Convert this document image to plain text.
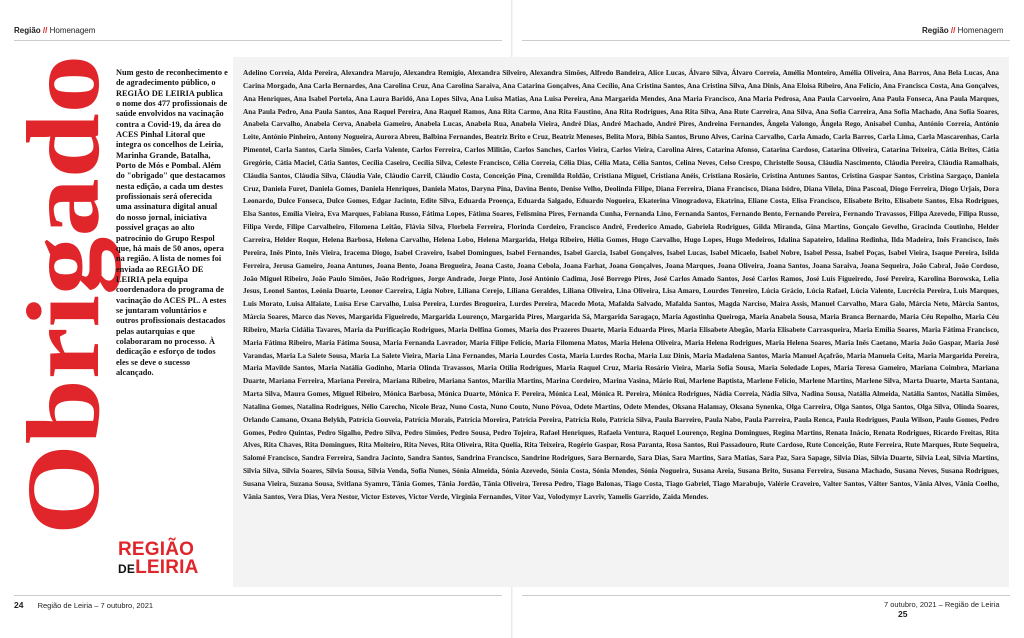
Região // Homenagem	Região // Homenagem
Obrigado
Num gesto de reconhecimento e de agradecimento público, o REGIÃO DE LEIRIA publica o nome dos 477 profissionais de saúde envolvidos na vacinação contra a Covid-19, da área do ACES Pinhal Litoral que integra os concelhos de Leiria, Marinha Grande, Batalha, Porto de Mós e Pombal. Além do "obrigado" que destacamos nesta edição, a cada um destes profissionais será oferecida uma assinatura digital anual do nosso jornal, iniciativa possível graças ao alto patrocínio do Grupo Respol que, há mais de 50 anos, opera na região. A lista de nomes foi enviada ao REGIÃO DE LEIRIA pela equipa coordenadora do programa de vacinação do ACES PL. A estes se juntaram voluntários e outros profissionais destacados pelas autarquias e que colaboraram no processo. À dedicação e esforço de todos eles se deve o sucesso alcançado.
REGIÃO
DELEIRIA
Adelino Correia, Alda Pereira, Alexandra Marujo, Alexandra Remígio, Alexandra Silveiro, Alexandra Simões, Alfredo Bandeira, Alice Lucas, Álvaro Silva, Álvaro Correia, Amélia Monteiro, Amélia Oliveira, Ana Barros, Ana Bela Lucas, Ana Carina Morgado, Ana Carla Bernardes, Ana Carolina Cruz, Ana Carolina Saraiva, Ana Catarina Gonçalves, Ana Cecílio, Ana Cristina Santos, Ana Cristina Silva, Ana Dinis, Ana Eloisa Ribeiro, Ana Felício, Ana Francisca Costa, Ana Gonçalves, Ana Henriques, Ana Isabel Portela, Ana Laura Baridó, Ana Lopes Silva, Ana Luisa Matias, Ana Luisa Pereira, Ana Margarida Mendes, Ana Maria Francisco, Ana Maria Pedrosa, Ana Paula Carvoeiro, Ana Paula Fonseca, Ana Paula Marques, Ana Paula Pedro, Ana Paula Santos, Ana Raquel Pereira, Ana Raquel Ramos, Ana Rita Carmo, Ana Rita Faustino, Ana Rita Rodrigues, Ana Rita Silva, Ana Rute Carreira, Ana Silva, Ana Sofia Carreira, Ana Sofia Machado, Ana Sofia Soares, Anabela Carvalho, Anabela Cerva, Anabela Gameiro, Anabela Lucas, Anabela Rua, Anabela Vieira, André Dias, André Machado, André Pires, Andreina Fernandes, Ângela Valongo, Ângela Rego, Anisabel Cunha, António Correia, António Leite, António Pinheiro, Antony Nogueira, Aurora Abreu, Balbina Fernandes, Beatriz Brito e Cruz, Beatriz Meneses, Belita Mora, Bibia Santos, Bruno Alves, Carina Carvalho, Carla Amado, Carla Barros, Carla Lima, Carla Mascarenhas, Carla Pimentel, Carla Santos, Carla Simões, Carla Valente, Carlos Ferreira, Carlos Militão, Carlos Sanches, Carlos Vieira, Carlos Vieira, Carolina Aires, Catarina Afonso, Catarina Cardoso, Catarina Oliveira, Catarina Teixeira, Cátia Brites, Cátia Gregório, Cátia Maciel, Cátia Santos, Cecília Caseiro, Cecília Silva, Celeste Francisco, Célia Correia, Célia Dias, Célia Mata, Célia Santos, Celina Neves, Celso Crespo, Christelle Sousa, Cláudia Nascimento, Cláudia Pereira, Cláudia Ramalhais, Cláudia Santos, Cláudia Silva, Cláudia Vale, Cláudio Carril, Cláudio Costa, Conceição Pina, Cremilda Roldão, Cristiana Miguel, Cristiana Anéis, Cristiana Rosário, Cristina Antunes Santos, Cristina Gaspar Santos, Cristina Sargaço, Daniela Cruz, Daniela Furet, Daniela Gomes, Daniela Henriques, Daniela Matos, Daryna Pina, Davina Bento, Denise Velho, Deolinda Filipe, Diana Ferreira, Diana Francisco, Diana Isidro, Diana Vilela, Dina Pascoal, Diogo Ferreira, Diogo Urjais, Dora Leonardo, Dulce Fonseca, Dulce Gomes, Edgar Jacinto, Edite Silva, Eduarda Proença, Eduarda Salgado, Eduardo Nogueira, Ekaterina Vinogradova, Ekatrina, Eliane Costa, Elisa Francisco, Elisabete Brito, Elisabete Santos, Elsa Rodrigues, Elsa Santos, Emília Vieira, Eva Marques, Fabiana Russo, Fátima Lopes, Fátima Soares, Felismina Pires, Fernanda Cunha, Fernanda Lino, Fernanda Santos, Fernando Bento, Fernando Pereira, Fernando Travassos, Filipa Azevedo, Filipa Russo, Filipa Verde, Filipe Carvalheiro, Filomena Leitão, Flávia Silva, Florbela Ferreira, Florinda Cordeiro, Francisco André, Frederico Amado, Gabriela Rodrigues, Gilda Miranda, Gina Martins, Gonçalo Gevelho, Gracinda Coutinho, Helder Carreira, Helder Roque, Helena Barbosa, Helena Carvalho, Helena Lobo, Helena Margarida, Helga Ribeiro, Hélia Gomes, Hugo Carvalho, Hugo Lopes, Hugo Medeiros, Idalina Sapateiro, Idalina Redinha, Ilda Madeira, Inês Francisco, Inês Pereira, Inês Pinto, Inês Vieira, Iracema Diogo, Isabel Craveiro, Isabel Domingues, Isabel Fernandes, Isabel Garcia, Isabel Gonçalves, Isabel Lucas, Isabel Micaelo, Isabel Nobre, Isabel Pessa, Isabel Poças, Isabel Vieira, Isaque Pereira, Isilda Ferreira, Jerusa Gameiro, Joana Antunes, Joana Bento, Joana Brogueira, Joana Casto, Joana Cebola, Joana Farhat, Joana Gonçalves, Joana Marques, Joana Oliveira, Joana Santos, Joana Saraiva, Joana Sequeira, João Cabral, João Cordoso, João Miguel Ribeiro, João Paulo Simões, João Rodrigues, Jorge Andrade, Jorge Pinto, José António Cadima, José Borrego Pires, José Carlos Amado Santos, José Carlos Ramos, José Luís Figueiredo, José Pereira, Karolina Borowska, Lelia Jesus, Leonel Santos, Leónia Duarte, Leonor Carreira, Lígia Nobre, Liliana Cerejo, Liliana Geraldes, Liliana Oliveira, Lina Oliveira, Lisa Amaro, Lourdes Tenreiro, Lúcia Grácio, Lúcia Rafael, Lúcia Valente, Lucrécia Pereira, Luis Marques, Luis Morato, Luisa Alfaiate, Luísa Erse Carvalho, Luisa Pereira, Lurdes Brogueira, Lurdes Pereira, Macedo Mota, Mafalda Salvado, Mafalda Santos, Magda Narciso, Maira Assis, Manuel Carvalho, Mara Galo, Márcia Neto, Márcia Santos, Márcia Soares, Marco das Neves, Margarida Figueiredo, Margarida Lourenço, Margarida Pires, Margarida Sá, Margarida Saragaço, Maria Agostinha Queiroga, Maria Anabela Sousa, Maria Branca Bernardo, Maria Céu Repolho, Maria Céu Ribeiro, Maria Cidália Tavares, Maria da Purificação Rodrigues, Maria Delfina Gomes, Maria dos Prazeres Duarte, Maria Eduarda Pires, Maria Elisabete Abegão, Maria Elisabete Carrasqueira, Maria Emília Soares, Maria Fátima Francisco, Maria Fátima Ribeiro, Maria Fátima Sousa, Maria Fernanda Lavrador, Maria Filipe Felicio, Maria Filomena Matos, Maria Helena Oliveira, Maria Helena Rodrigues, Maria Helena Soares, Maria Inês Caetano, Maria João Gaspar, Maria José Varandas, Maria La Salete Sousa, Maria La Salete Vieira, Maria Lina Fernandes, Maria Lourdes Costa, Maria Lurdes Rocha, Maria Luz Dinis, Maria Madalena Santos, Maria Manuel Açafrão, Maria Manuela Ceita, Maria Margarida Pereira, Maria Mavilde Santos, Maria Natália Godinho, Maria Olinda Travassos, Maria Otília Rodrigues, Maria Raquel Cruz, Maria Rosário Vieira, Maria Sofia Sousa, Maria Soledade Lopes, Maria Teresa Gameiro, Mariana Coimbra, Mariana Duarte, Mariana Ferreira, Mariana Pereira, Mariana Ribeiro, Mariana Santos, Marília Martins, Marina Cordeiro, Marina Vasina, Mário Rui, Marlene Baptista, Marlene Felício, Marlene Martins, Marlene Silva, Marta Duarte, Marta Santana, Marta Silva, Maura Gomes, Miguel Ribeiro, Mónica Barbosa, Mónica Duarte, Mónica F. Pereira, Mónica Leal, Mónica R. Pereira, Mónica Rodrigues, Nádia Correia, Nádia Silva, Nadina Sousa, Natália Almeida, Natália Santos, Natália Simões, Natalina Gomes, Natalina Rodrigues, Nélio Carecho, Nicole Braz, Nuno Costa, Nuno Couto, Nuno Póvoa, Odete Martins, Odete Mendes, Oksana Halamay, Oksana Synenka, Olga Carreira, Olga Santos, Olga Santos, Olga Silva, Olinda Soares, Orlando Camano, Oxana Belykh, Patrícia Gouveia, Patrícia Morais, Patrícia Moreira, Patrícia Pereira, Patrícia Rolo, Patrícia Silva, Paula Barreiro, Paula Nabo, Paula Parreira, Paula Renca, Paula Rodrigues, Paula Wilson, Paulo Gomes, Pedro Gomes, Pedro Quintas, Pedro Sigalho, Pedro Silva, Pedro Simões, Pedro Sousa, Pedro Tojeira, Rafael Henriques, Rafaela Ventura, Raquel Lourenço, Regina Domingues, Regina Martins, Renata Inácio, Renata Rodrigues, Ricardo Freitas, Rita Alves, Rita Chaves, Rita Domingues, Rita Moiteiro, Rita Neves, Rita Oliveira, Rita Quelia, Rita Teixeira, Rogério Gaspar, Rosa Paranta, Rosa Santos, Rui Passadouro, Rute Cardoso, Rute Conceição, Rute Ferreira, Rute Marques, Rute Sequeira, Salomé Francisco, Sandra Ferreira, Sandra Jacinto, Sandra Santos, Sandrina Francisco, Sandrine Rodrigues, Sara Bernardo, Sara Dias, Sara Martins, Sara Matias, Sara Paz, Sara Sapage, Silvia Dias, Silvia Duarte, Silvia Leal, Silvia Martins, Silvia Silva, Silvia Soares, Silvia Sousa, Silvia Venda, Sofia Nunes, Sónia Almeida, Sónia Azevedo, Sónia Costa, Sónia Mendes, Sónia Nogueira, Susana Areia, Susana Brito, Susana Ferreira, Susana Machado, Susana Neves, Susana Rodrigues, Susana Vieira, Suzana Sousa, Svitlana Syamro, Tânia Gomes, Tânia Jordão, Tânia Oliveira, Teresa Pedro, Tiago Balonas, Tiago Costa, Tiago Gabriel, Tiago Marabujo, Valérie Craveiro, Valter Santos, Válter Santos, Vânia Alves, Vânia Coelho, Vânia Santos, Vera Dias, Vera Nestor, Victor Esteves, Victor Verde, Virgínia Fernandes, Vítor Vaz, Volodymyr Lavriv, Yamelis Garrido, Zaida Mendes.
24 Região de Leiria – 7 outubro, 2021	7 outubro, 2021 – Região de Leiria 25
